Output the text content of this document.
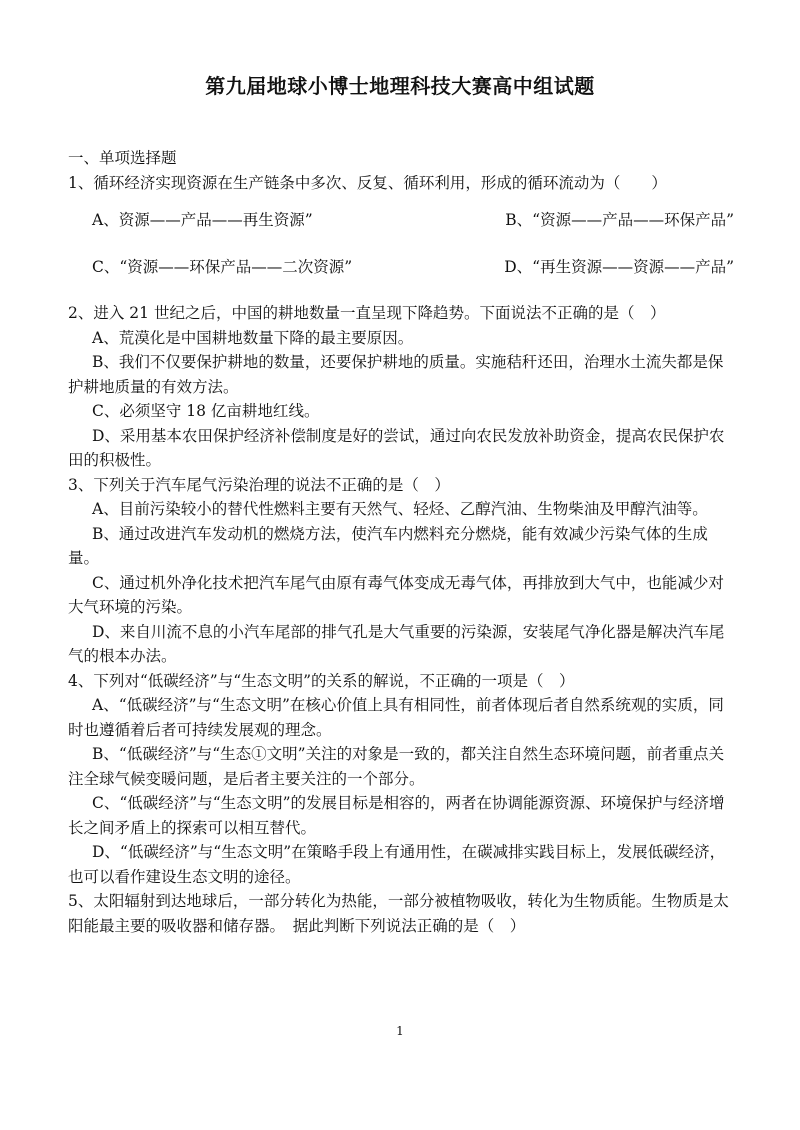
第九届地球小博士地理科技大赛高中组试题

一、单项选择题

1、循环经济实现资源在生产链条中多次、反复、循环利用，形成的循环流动为（　　）

A、资源——产品——再生资源”	B、“资源——产品——环保产品”
C、“资源——环保产品——二次资源”	D、“再生资源——资源——产品”

2、进入 21 世纪之后，中国的耕地数量一直呈现下降趋势。下面说法不正确的是（　）

A、荒漠化是中国耕地数量下降的最主要原因。

B、我们不仅要保护耕地的数量，还要保护耕地的质量。实施秸秆还田，治理水土流失都是保护耕地质量的有效方法。

C、必须坚守 18 亿亩耕地红线。

D、采用基本农田保护经济补偿制度是好的尝试，通过向农民发放补助资金，提高农民保护农田的积极性。

3、下列关于汽车尾气污染治理的说法不正确的是（　）

A、目前污染较小的替代性燃料主要有天然气、轻烃、乙醇汽油、生物柴油及甲醇汽油等。

B、通过改进汽车发动机的燃烧方法，使汽车内燃料充分燃烧，能有效减少污染气体的生成量。

C、通过机外净化技术把汽车尾气由原有毒气体变成无毒气体，再排放到大气中，也能减少对大气环境的污染。

D、来自川流不息的小汽车尾部的排气孔是大气重要的污染源，安装尾气净化器是解决汽车尾气的根本办法。

4、下列对“低碳经济”与“生态文明”的关系的解说，不正确的一项是（　）

A、“低碳经济”与“生态文明”在核心价值上具有相同性，前者体现后者自然系统观的实质，同时也遵循着后者可持续发展观的理念。

B、“低碳经济”与“生态①文明”关注的对象是一致的，都关注自然生态环境问题，前者重点关注全球气候变暖问题，是后者主要关注的一个部分。

C、“低碳经济”与“生态文明”的发展目标是相容的，两者在协调能源资源、环境保护与经济增长之间矛盾上的探索可以相互替代。

D、“低碳经济”与“生态文明”在策略手段上有通用性，在碳减排实践目标上，发展低碳经济，也可以看作建设生态文明的途径。

5、太阳辐射到达地球后，一部分转化为热能，一部分被植物吸收，转化为生物质能。生物质是太阳能最主要的吸收器和储存器。　据此判断下列说法正确的是（　）

1
